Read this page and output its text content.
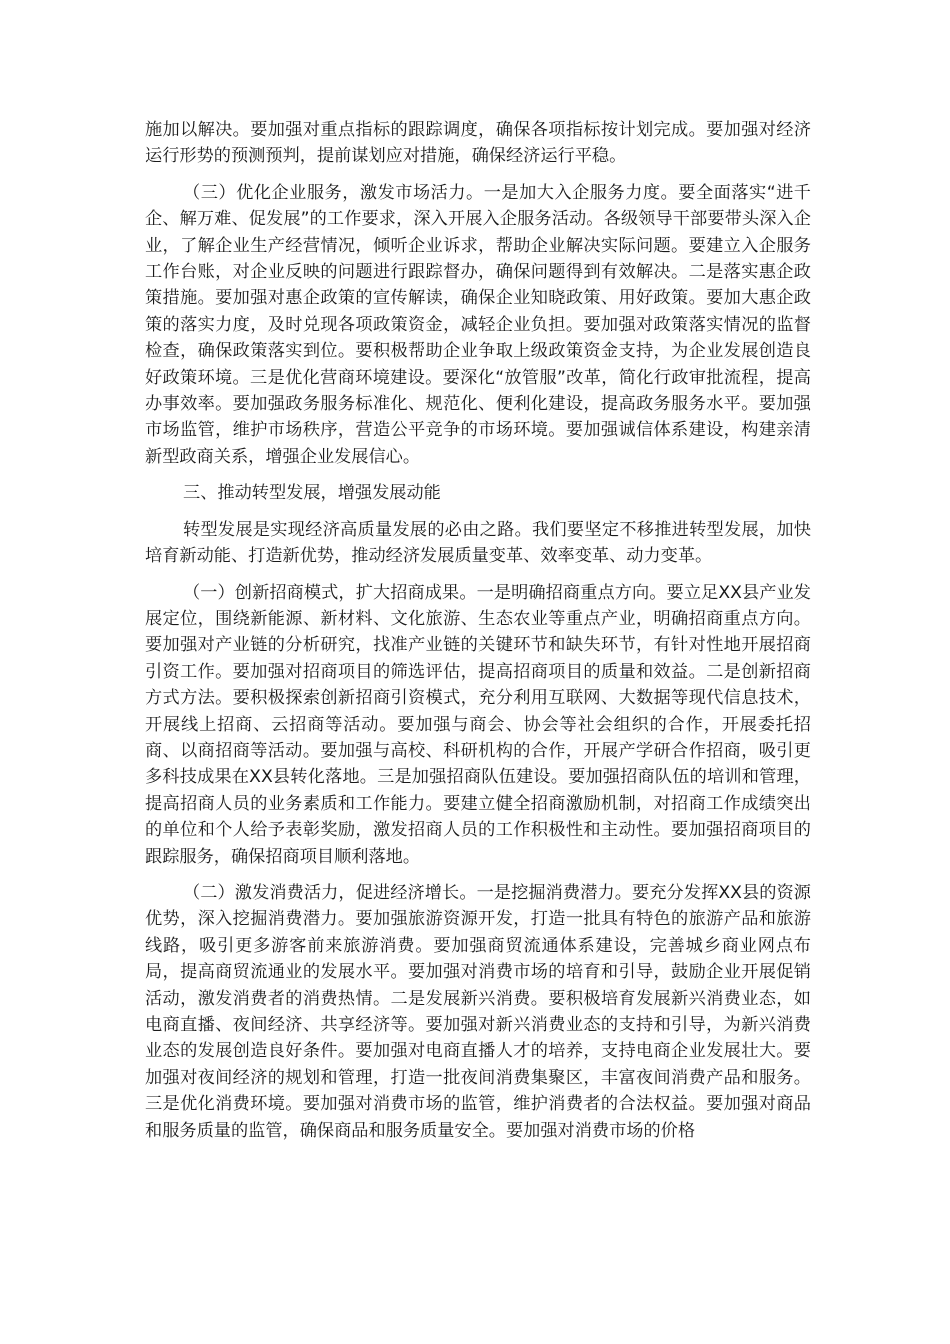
施加以解决。要加强对重点指标的跟踪调度，确保各项指标按计划完成。要加强对经济运行形势的预测预判，提前谋划应对措施，确保经济运行平稳。

（三）优化企业服务，激发市场活力。一是加大入企服务力度。要全面落实“进千企、解万难、促发展”的工作要求，深入开展入企服务活动。各级领导干部要带头深入企业，了解企业生产经营情况，倾听企业诉求，帮助企业解决实际问题。要建立入企服务工作台账，对企业反映的问题进行跟踪督办，确保问题得到有效解决。二是落实惠企政策措施。要加强对惠企政策的宣传解读，确保企业知晓政策、用好政策。要加大惠企政策的落实力度，及时兑现各项政策资金，减轻企业负担。要加强对政策落实情况的监督检查，确保政策落实到位。要积极帮助企业争取上级政策资金支持，为企业发展创造良好政策环境。三是优化营商环境建设。要深化“放管服”改革，简化行政审批流程，提高办事效率。要加强政务服务标准化、规范化、便利化建设，提高政务服务水平。要加强市场监管，维护市场秩序，营造公平竞争的市场环境。要加强诚信体系建设，构建亲清新型政商关系，增强企业发展信心。

三、推动转型发展，增强发展动能

转型发展是实现经济高质量发展的必由之路。我们要坚定不移推进转型发展，加快培育新动能、打造新优势，推动经济发展质量变革、效率变革、动力变革。

（一）创新招商模式，扩大招商成果。一是明确招商重点方向。要立足XX县产业发展定位，围绕新能源、新材料、文化旅游、生态农业等重点产业，明确招商重点方向。要加强对产业链的分析研究，找准产业链的关键环节和缺失环节，有针对性地开展招商引资工作。要加强对招商项目的筛选评估，提高招商项目的质量和效益。二是创新招商方式方法。要积极探索创新招商引资模式，充分利用互联网、大数据等现代信息技术，开展线上招商、云招商等活动。要加强与商会、协会等社会组织的合作，开展委托招商、以商招商等活动。要加强与高校、科研机构的合作，开展产学研合作招商，吸引更多科技成果在XX县转化落地。三是加强招商队伍建设。要加强招商队伍的培训和管理，提高招商人员的业务素质和工作能力。要建立健全招商激励机制，对招商工作成绩突出的单位和个人给予表彰奖励，激发招商人员的工作积极性和主动性。要加强招商项目的跟踪服务，确保招商项目顺利落地。

（二）激发消费活力，促进经济增长。一是挖掘消费潜力。要充分发挥XX县的资源优势，深入挖掘消费潜力。要加强旅游资源开发，打造一批具有特色的旅游产品和旅游线路，吸引更多游客前来旅游消费。要加强商贸流通体系建设，完善城乡商业网点布局，提高商贸流通业的发展水平。要加强对消费市场的培育和引导，鼓励企业开展促销活动，激发消费者的消费热情。二是发展新兴消费。要积极培育发展新兴消费业态，如电商直播、夜间经济、共享经济等。要加强对新兴消费业态的支持和引导，为新兴消费业态的发展创造良好条件。要加强对电商直播人才的培养，支持电商企业发展壮大。要加强对夜间经济的规划和管理，打造一批夜间消费集聚区，丰富夜间消费产品和服务。三是优化消费环境。要加强对消费市场的监管，维护消费者的合法权益。要加强对商品和服务质量的监管，确保商品和服务质量安全。要加强对消费市场的价格
